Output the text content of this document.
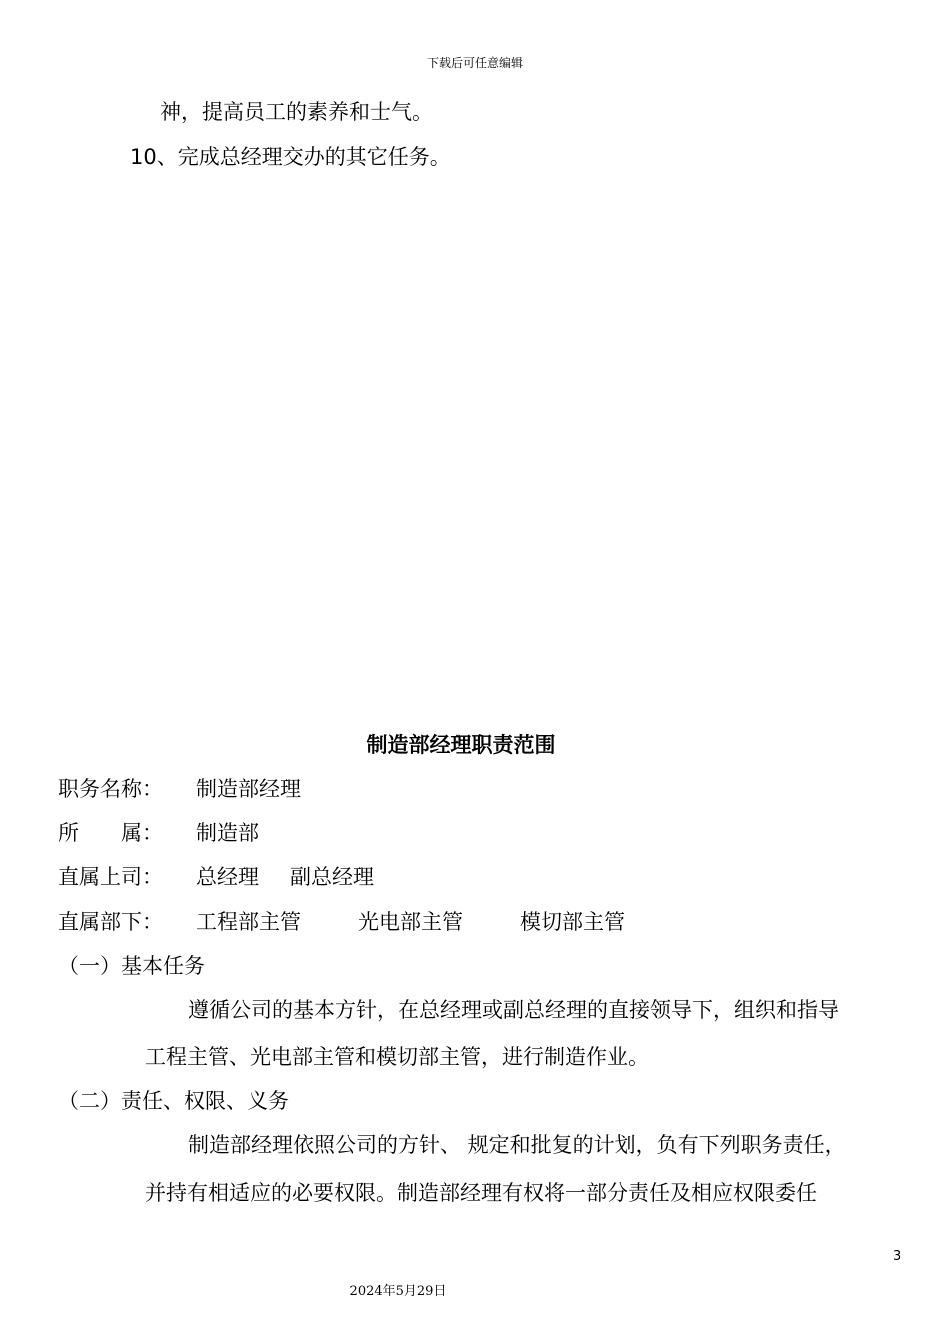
下载后可任意编辑
神，提高员工的素养和士气。
10、完成总经理交办的其它任务。
制造部经理职责范围
职务名称： 制造部经理
所　　属： 制造部
直属上司： 总经理 副总经理
直属部下： 工程部主管	光电部主管	模切部主管
（一）基本任务
遵循公司的基本方针，在总经理或副总经理的直接领导下，组织和指导
工程主管、光电部主管和模切部主管，进行制造作业。
（二）责任、权限、义务
制造部经理依照公司的方针、 规定和批复的计划，负有下列职务责任，
并持有相适应的必要权限。制造部经理有权将一部分责任及相应权限委任
3
2024年5月29日
